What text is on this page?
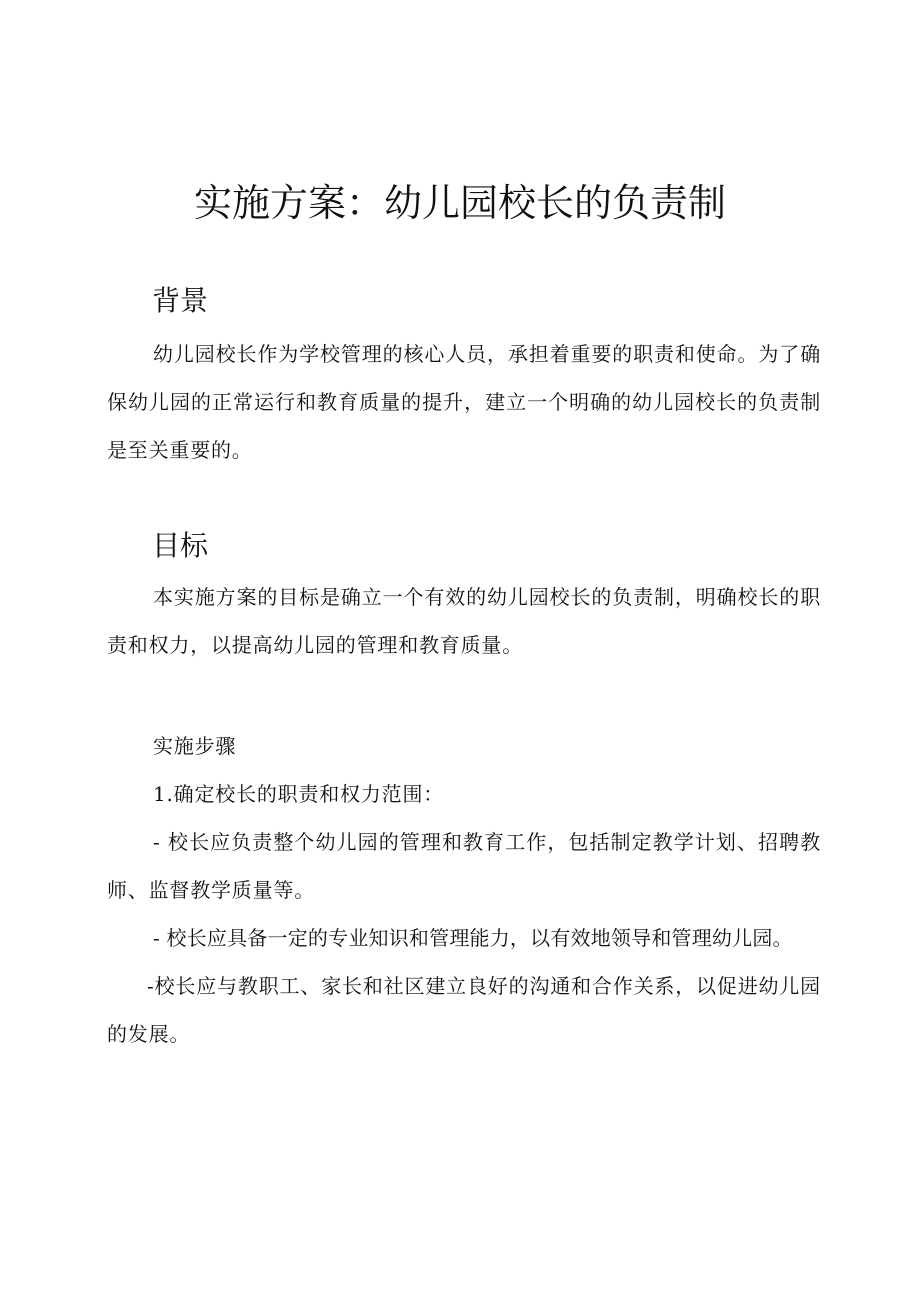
实施方案：幼儿园校长的负责制
背景

幼儿园校长作为学校管理的核心人员，承担着重要的职责和使命。为了确保幼儿园的正常运行和教育质量的提升，建立一个明确的幼儿园校长的负责制是至关重要的。

目标

本实施方案的目标是确立一个有效的幼儿园校长的负责制，明确校长的职责和权力，以提高幼儿园的管理和教育质量。

实施步骤

1.确定校长的职责和权力范围：

- 校长应负责整个幼儿园的管理和教育工作，包括制定教学计划、招聘教师、监督教学质量等。

- 校长应具备一定的专业知识和管理能力，以有效地领导和管理幼儿园。

-校长应与教职工、家长和社区建立良好的沟通和合作关系，以促进幼儿园的发展。
